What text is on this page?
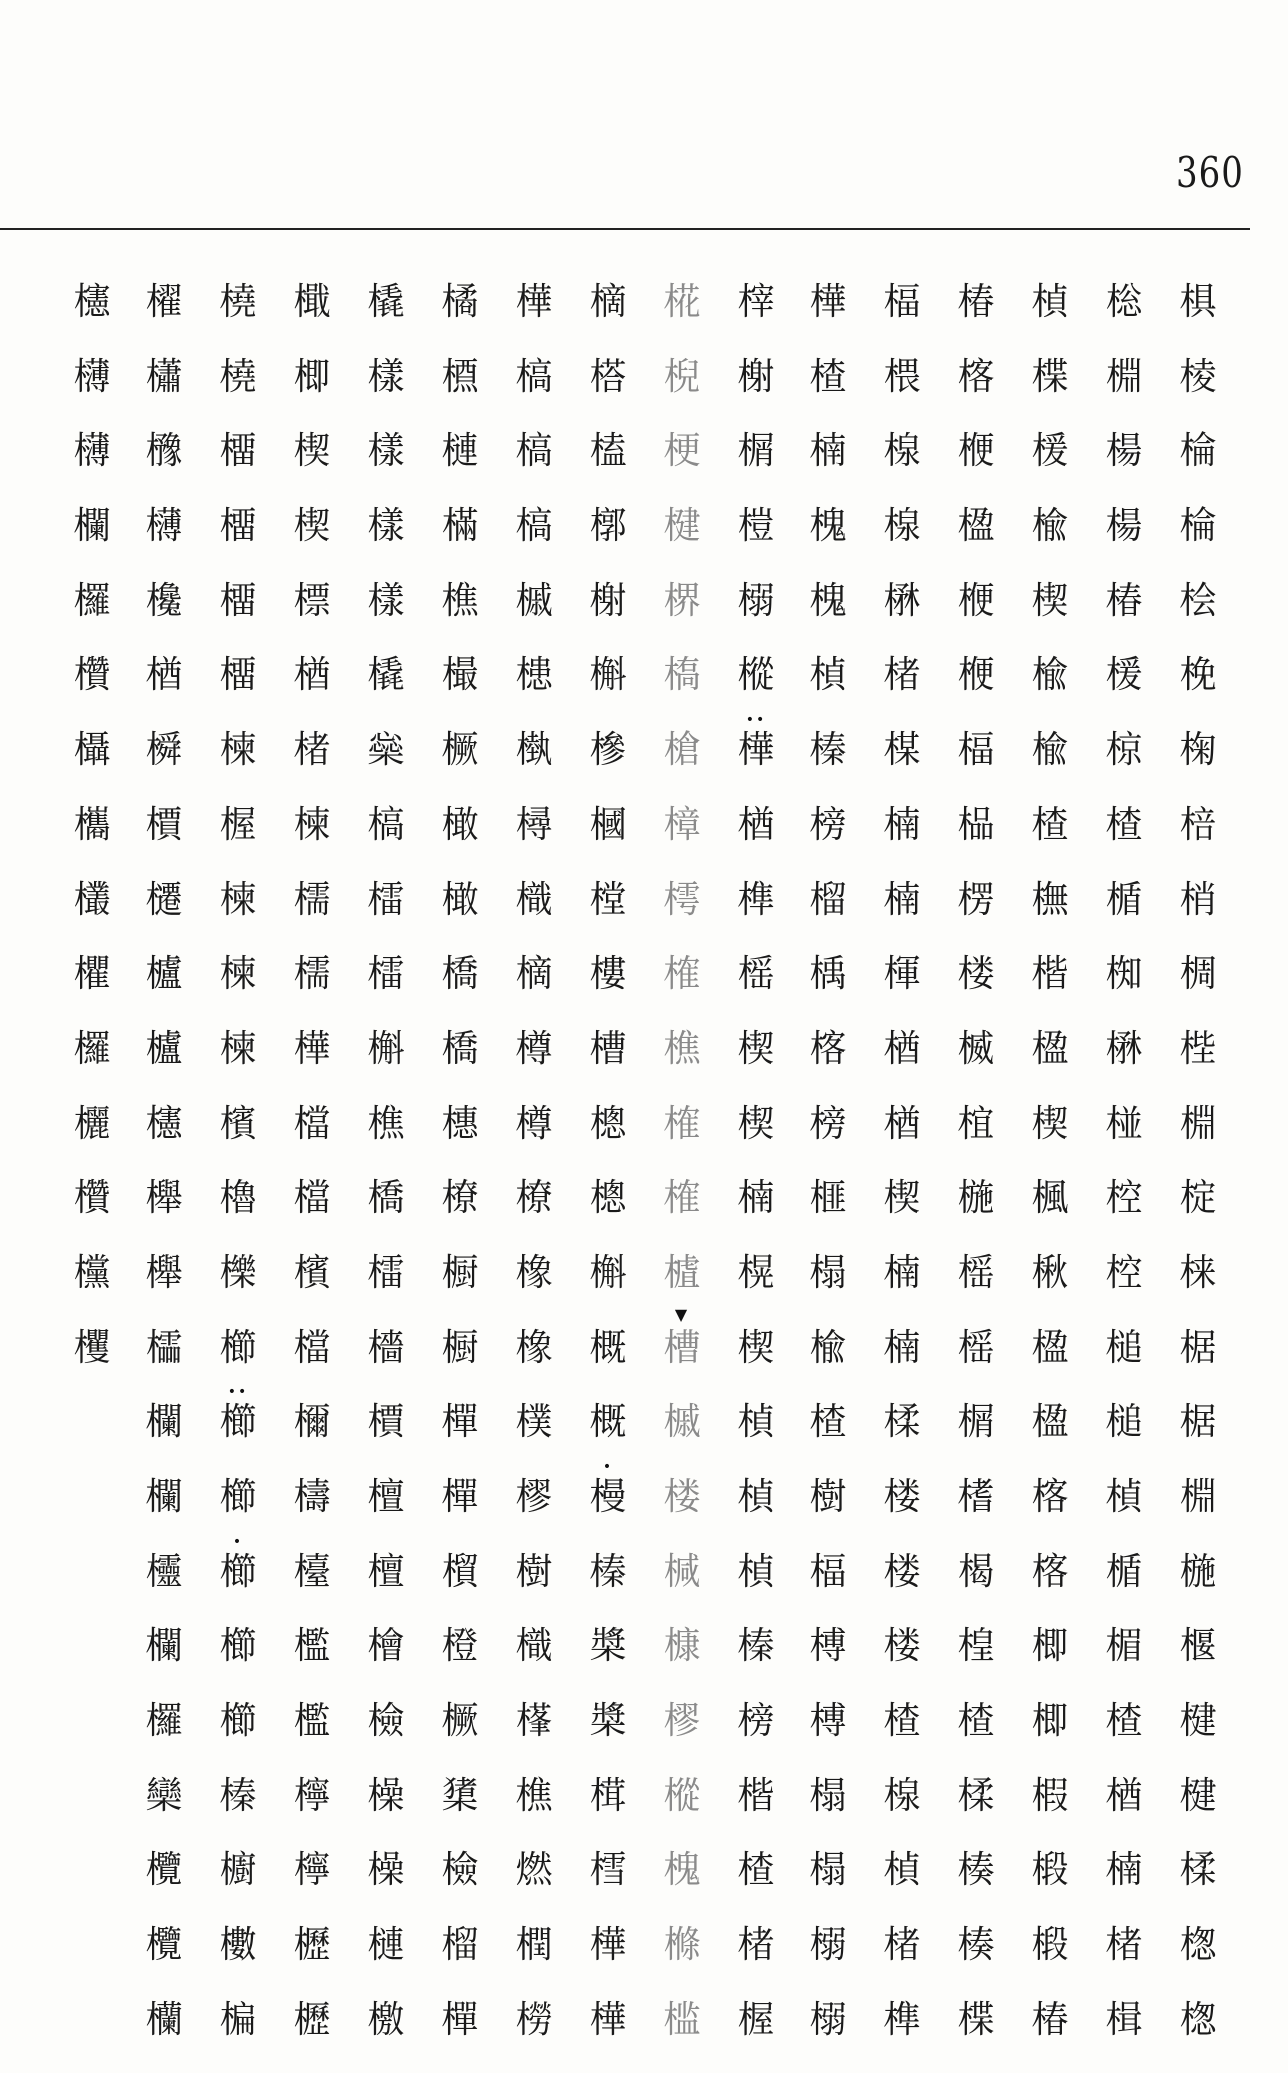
360
椇
棱
棆
棆
桧
梚
椈
棓
梢
椆
梐
棩
椗
梾
椐
椐
棩
椸
椻
楗
楗
楺
楤
楤
棇
棩
楊
楊
椿
楥
椋
楂
楯
椥
楙
椪
椌
椌
槌
槌
楨
楯
楣
楂
楢
楠
楮
楫
楨
楪
楥
楡
楔
楡
楡
楂
橅
楷
楹
楔
楓
楸
楹
楹
楁
楁
楖
楖
椵
椴
椴
椿
椿
楁
楩
楹
楩
楩
楅
榀
楞
楼
楲
椬
椸
榣
榣
榍
榰
楬
楻
楂
楺
楱
楱
楪
楅
椳
楾
楾
楙
楮
楳
楠
楠
楎
楢
楢
楔
楠
楠
楺
楼
楼
楼
楂
楾
楨
楮
榫
樺
楂
楠
槐
槐
楨
榛
榜
榴
楀
楁
榜
榧
榻
楡
楂
樹
楅
榑
榑
榻
榻
榒
榒
榟
榭
榍
榿
榒
樅
樺
••
楢
榫
榣
楔
楔
楠
榥
楔
楨
楨
楨
榛
榜
楷
楂
楮
楃
椛
棿
梗
楗
楐
槗
槍
樟
樗
榷
樵
榷
榷
樝
槽
▼
槭
楼
椷
槺
樛
樅
槐
樤
槛
樀
榙
榼
槨
榭
槲
槮
槶
樘
樓
槽
樬
樬
槲
概
概
槾
•
榛
槳
槳
榵
樰
樺
樺
樺
槁
槁
槁
槭
槵
槸
樳
樴
樀
樽
樽
橑
橡
橡
樸
樛
樹
樴
樥
樵
燃
橍
橯
橘
槱
槤
樠
樵
樶
橛
橄
橄
橋
橋
橞
橑
橱
橱
樿
樿
橮
橙
橛
橥
檢
榴
樿
橇
樣
樣
樣
樣
橇
橤
槁
檑
檑
槲
樵
橋
檑
檣
檟
檀
檀
檜
檢
橾
橾
槤
檄
檝
楖
楔
楔
標
楢
楮
楝
檽
檽
樺
檔
檔
檳
檔
檷
檮
檯
檻
檻
檸
檸
櫪
櫪
橈
橈
橊
橊
橊
橊
楝
楃
楝
楝
楝
檳
櫓
櫟
櫛
櫛
••
櫛
櫛
•
櫛
櫛
榛
櫥
櫢
楄
櫂
櫹
櫲
欂
欃
楢
橓
檟
櫏
櫨
櫨
櫶
櫸
櫸
櫺
欄
欄
欞
欄
欏
欒
欖
欖
欗
櫶
欂
欂
欄
欏
欑
欇
欈
欉
欋
欏
欐
欑
欓
欔
